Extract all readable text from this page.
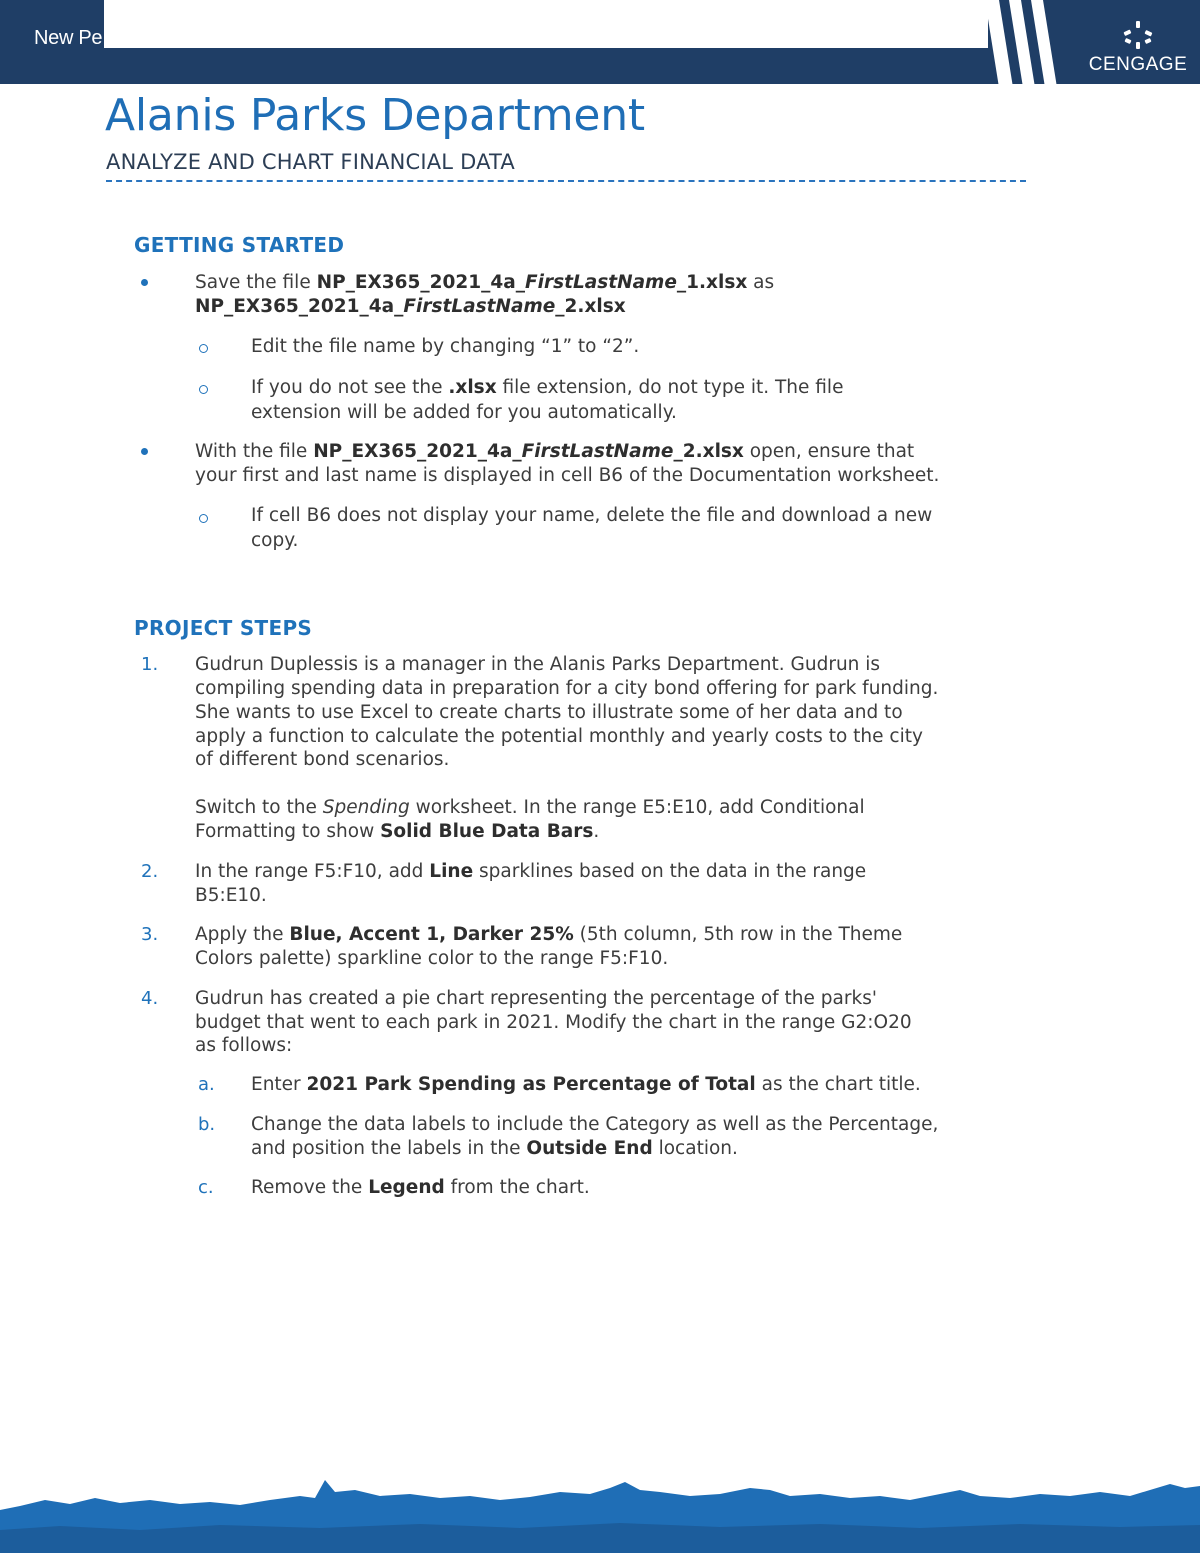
New Pe
CENGAGE
Alanis Parks Department
ANALYZE AND CHART FINANCIAL DATA
GETTING STARTED
Save the file NP_EX365_2021_4a_FirstLastName_1.xlsx as
NP_EX365_2021_4a_FirstLastName_2.xlsx
Edit the file name by changing “1” to “2”.
If you do not see the .xlsx file extension, do not type it. The file
extension will be added for you automatically.
With the file NP_EX365_2021_4a_FirstLastName_2.xlsx open, ensure that
your first and last name is displayed in cell B6 of the Documentation worksheet.
If cell B6 does not display your name, delete the file and download a new
copy.
PROJECT STEPS
1. Gudrun Duplessis is a manager in the Alanis Parks Department. Gudrun is
compiling spending data in preparation for a city bond offering for park funding.
She wants to use Excel to create charts to illustrate some of her data and to
apply a function to calculate the potential monthly and yearly costs to the city
of different bond scenarios.
Switch to the Spending worksheet. In the range E5:E10, add Conditional
Formatting to show Solid Blue Data Bars.
2. In the range F5:F10, add Line sparklines based on the data in the range
B5:E10.
3. Apply the Blue, Accent 1, Darker 25% (5th column, 5th row in the Theme
Colors palette) sparkline color to the range F5:F10.
4. Gudrun has created a pie chart representing the percentage of the parks'
budget that went to each park in 2021. Modify the chart in the range G2:O20
as follows:
a. Enter 2021 Park Spending as Percentage of Total as the chart title.
b. Change the data labels to include the Category as well as the Percentage,
and position the labels in the Outside End location.
c. Remove the Legend from the chart.
